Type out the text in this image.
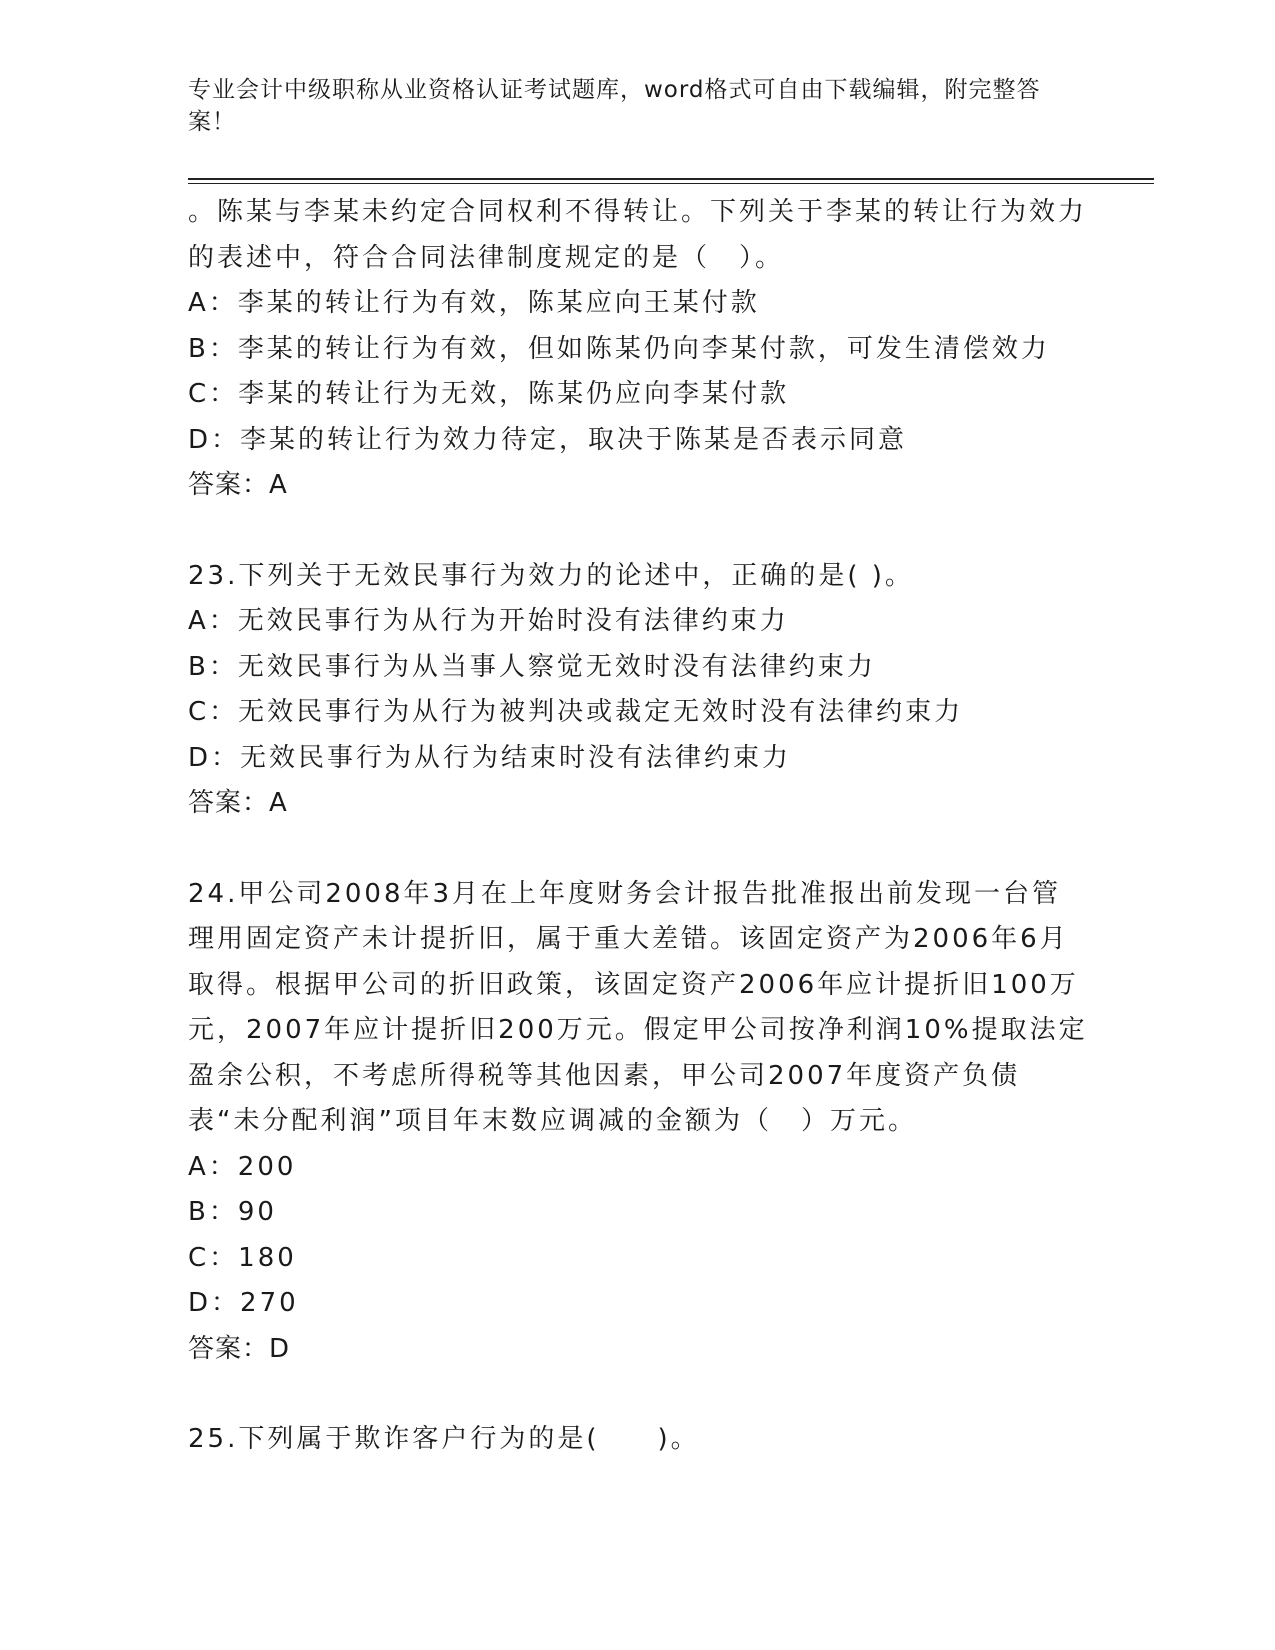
专业会计中级职称从业资格认证考试题库，word格式可自由下载编辑，附完整答案！

。陈某与李某未约定合同权利不得转让。下列关于李某的转让行为效力的表述中，符合合同法律制度规定的是（　）。

A：李某的转让行为有效，陈某应向王某付款

B：李某的转让行为有效，但如陈某仍向李某付款，可发生清偿效力

C：李某的转让行为无效，陈某仍应向李某付款

D：李某的转让行为效力待定，取决于陈某是否表示同意

答案：A

23.下列关于无效民事行为效力的论述中，正确的是( )。

A：无效民事行为从行为开始时没有法律约束力

B：无效民事行为从当事人察觉无效时没有法律约束力

C：无效民事行为从行为被判决或裁定无效时没有法律约束力

D：无效民事行为从行为结束时没有法律约束力

答案：A

24.甲公司2008年3月在上年度财务会计报告批准报出前发现一台管理用固定资产未计提折旧，属于重大差错。该固定资产为2006年6月取得。根据甲公司的折旧政策，该固定资产2006年应计提折旧100万元，2007年应计提折旧200万元。假定甲公司按净利润10%提取法定盈余公积，不考虑所得税等其他因素，甲公司2007年度资产负债表“未分配利润”项目年末数应调减的金额为（　）万元。

A：200

B：90

C：180

D：270

答案：D

25.下列属于欺诈客户行为的是(　　)。
